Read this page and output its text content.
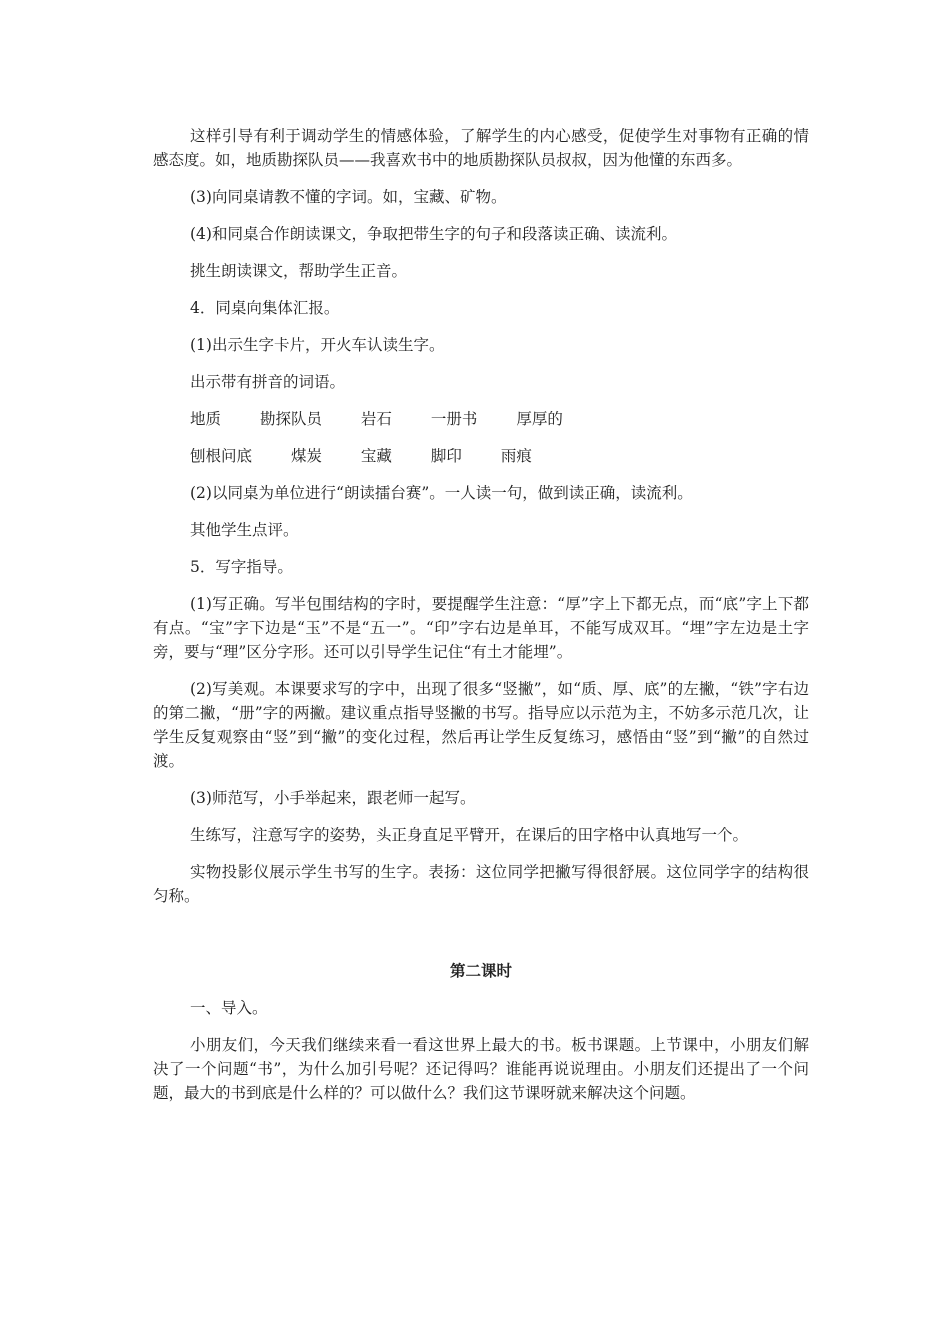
这样引导有利于调动学生的情感体验，了解学生的内心感受，促使学生对事物有正确的情感态度。如，地质勘探队员——我喜欢书中的地质勘探队员叔叔，因为他懂的东西多。

(3)向同桌请教不懂的字词。如，宝藏、矿物。

(4)和同桌合作朗读课文，争取把带生字的句子和段落读正确、读流利。

挑生朗读课文，帮助学生正音。

4．同桌向集体汇报。

(1)出示生字卡片，开火车认读生字。

出示带有拼音的词语。

地质	勘探队员	岩石	一册书	厚厚的
刨根问底	煤炭	宝藏	脚印	雨痕

(2)以同桌为单位进行“朗读擂台赛”。一人读一句，做到读正确，读流利。

其他学生点评。

5．写字指导。

(1)写正确。写半包围结构的字时，要提醒学生注意：“厚”字上下都无点，而“底”字上下都有点。“宝”字下边是“玉”不是“五一”。“印”字右边是单耳，不能写成双耳。“埋”字左边是土字旁，要与“理”区分字形。还可以引导学生记住“有土才能埋”。

(2)写美观。本课要求写的字中，出现了很多“竖撇”，如“质、厚、底”的左撇，“铁”字右边的第二撇，“册”字的两撇。建议重点指导竖撇的书写。指导应以示范为主，不妨多示范几次，让学生反复观察由“竖”到“撇”的变化过程，然后再让学生反复练习，感悟由“竖”到“撇”的自然过渡。

(3)师范写，小手举起来，跟老师一起写。

生练写，注意写字的姿势，头正身直足平臂开，在课后的田字格中认真地写一个。

实物投影仪展示学生书写的生字。表扬：这位同学把撇写得很舒展。这位同学字的结构很匀称。

第二课时

一、导入。

小朋友们，今天我们继续来看一看这世界上最大的书。板书课题。上节课中，小朋友们解决了一个问题“书”，为什么加引号呢？还记得吗？谁能再说说理由。小朋友们还提出了一个问题，最大的书到底是什么样的？可以做什么？我们这节课呀就来解决这个问题。
